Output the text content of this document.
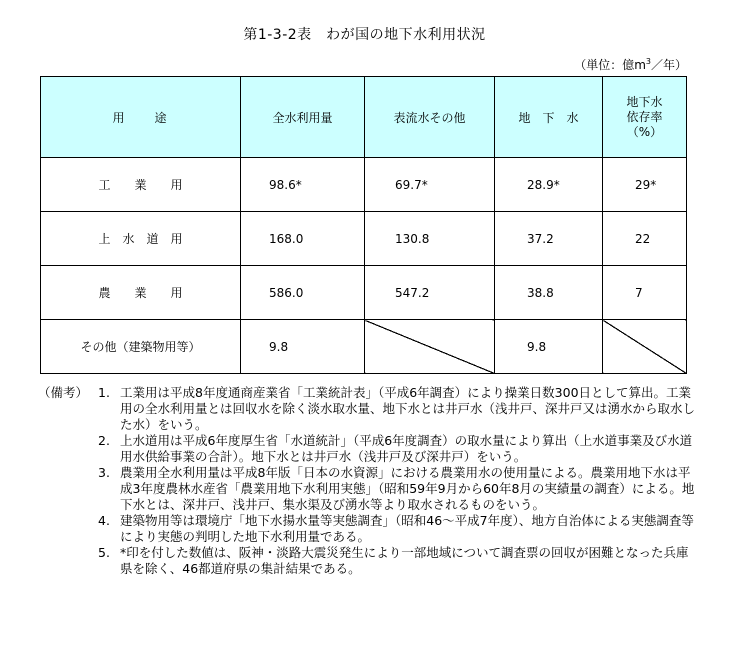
第1-3-2表　わが国の地下水利用状況
（単位：億$m^3/$年）
用　　途	全水利用量	表流水その他	地　下　水	地下水
依存率
（%）
工　　業　　用	98.6*	69.7*	28.9*	29*
上　水　道　用	168.0	130.8	37.2	22
農　　業　　用	586.0	547.2	38.8	7
その他（建築物用等）	9.8		9.8	
（備考） 1. 工業用は平成8年度通商産業省「工業統計表」（平成6年調査）により操業日数300日として算出。工業用の全水利用量とは回収水を除く淡水取水量、地下水とは井戸水（浅井戸、深井戸又は湧水から取水した水）をいう。
2. 上水道用は平成6年度厚生省「水道統計」（平成6年度調査）の取水量により算出（上水道事業及び水道用水供給事業の合計）。地下水とは井戸水（浅井戸及び深井戸）をいう。
3. 農業用全水利用量は平成8年版「日本の水資源」における農業用水の使用量による。農業用地下水は平成3年度農林水産省「農業用地下水利用実態」（昭和59年9月から60年8月の実績量の調査）による。地下水とは、深井戸、浅井戸、集水渠及び湧水等より取水されるものをいう。
4. 建築物用等は環境庁「地下水揚水量等実態調査」（昭和46～平成7年度）、地方自治体による実態調査等により実態の判明した地下水利用量である。
5. *印を付した数値は、阪神・淡路大震災発生により一部地域について調査票の回収が困難となった兵庫県を除く、46都道府県の集計結果である。
